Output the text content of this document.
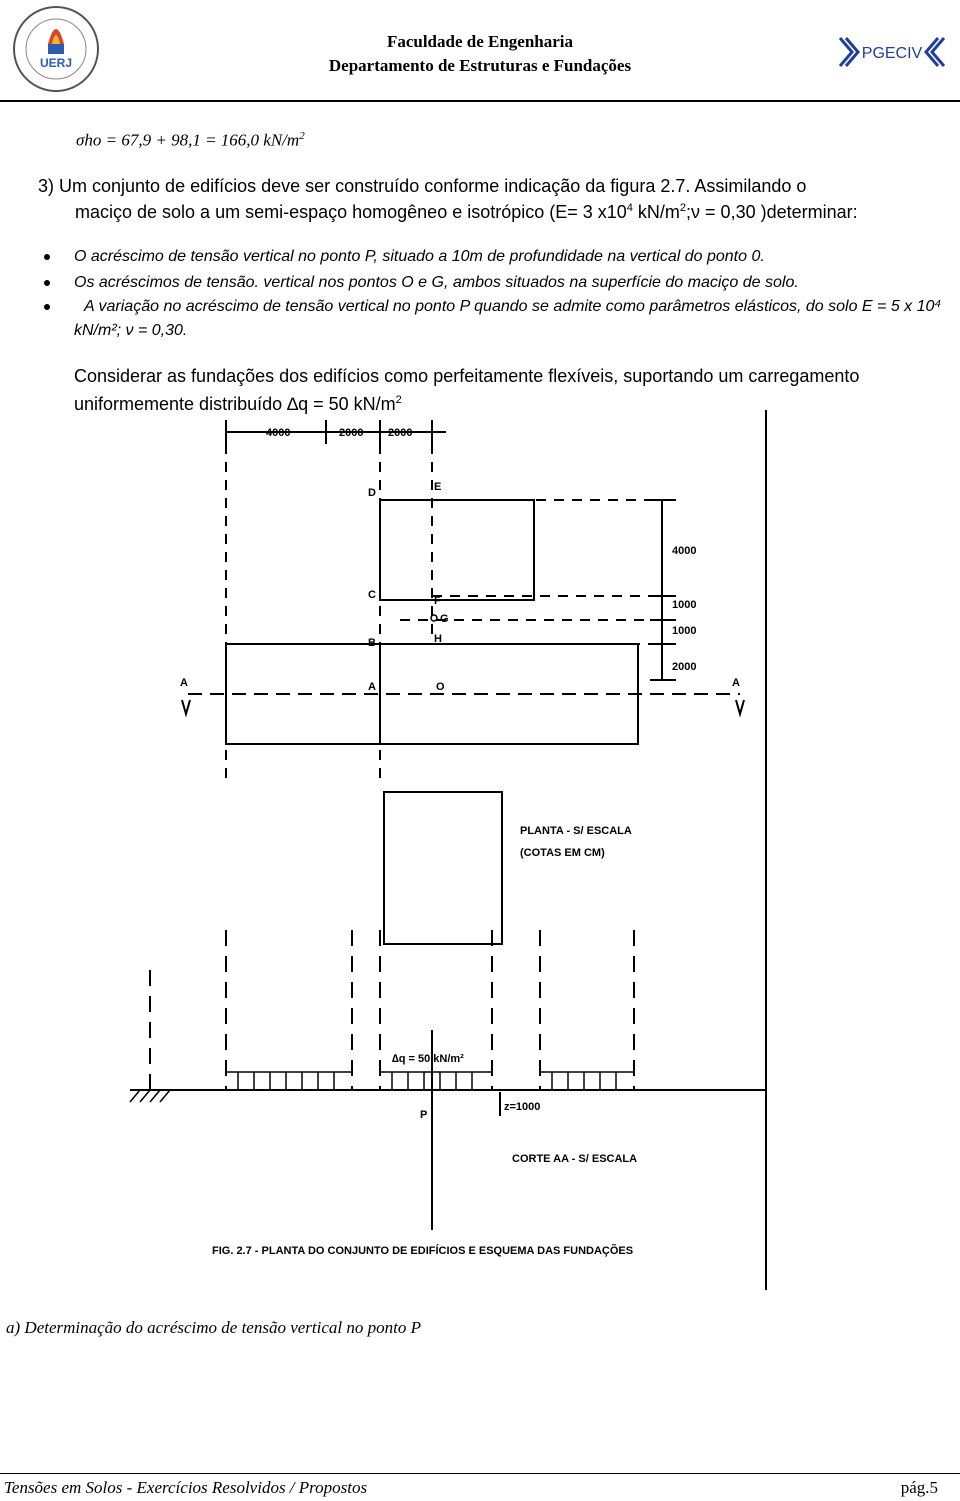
UERJ
Faculdade de Engenharia
Departamento de Estruturas e Fundações
PGECIV
σho = 67,9 + 98,1 = 166,0 $kN/m^2$
3) Um conjunto de edifícios deve ser construído conforme indicação da figura 2.7. Assimilando o
maciço de solo a um semi-espaço homogêneo e isotrópico (E= 3 $x10^4$ $kN/m^2;\nu = 0,30$ )determinar:
O acréscimo de tensão vertical no ponto P, situado a 10m de profundidade na vertical do ponto 0.
Os acréscimos de tensão. vertical nos pontos O e G, ambos situados na superfície do maciço de solo.
A variação no acréscimo de tensão vertical no ponto P quando se admite como parâmetros elásticos, do solo E = 5 x 10⁴
kN/m²; ν = 0,30.
Considerar as fundações dos edifícios como perfeitamente flexíveis, suportando um carregamento
uniformemente distribuído ∆q = 50 $kN/m^2$
4000	2000 2000
4000
1000
1000
2000
D	E
C	F
G
B	H
A	O
A	A
PLANTA - S/ ESCALA
(COTAS EM CM)
∆q = 50 kN/m²
z=1000
P
CORTE AA - S/ ESCALA
FIG. 2.7 - PLANTA DO CONJUNTO DE EDIFÍCIOS E ESQUEMA DAS FUNDAÇÕES
a) Determinação do acréscimo de tensão vertical no ponto P
Tensões em Solos - Exercícios Resolvidos / Propostos	pág.5
